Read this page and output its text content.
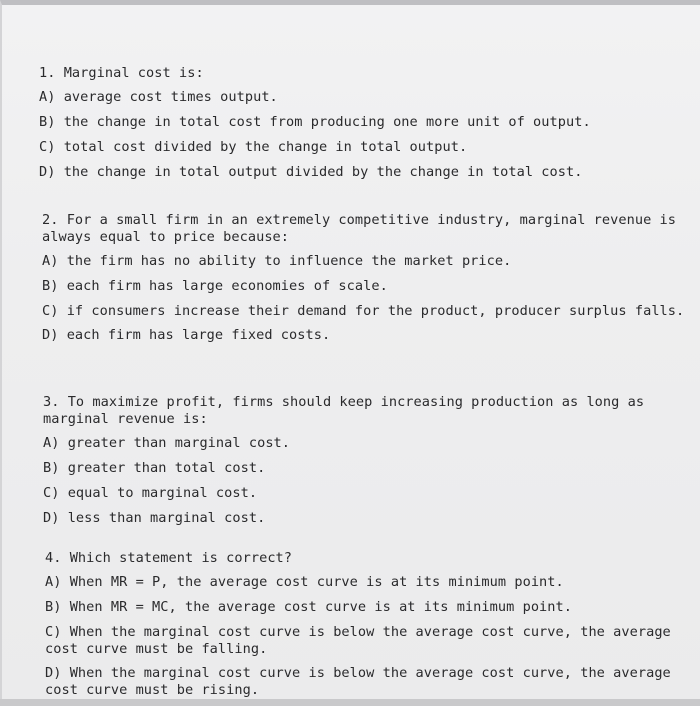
1. Marginal cost is:
A) average cost times output.
B) the change in total cost from producing one more unit of output.
C) total cost divided by the change in total output.
D) the change in total output divided by the change in total cost.
2. For a small firm in an extremely competitive industry, marginal revenue is always equal to price because:
A) the firm has no ability to influence the market price.
B) each firm has large economies of scale.
C) if consumers increase their demand for the product, producer surplus falls.
D) each firm has large fixed costs.
3. To maximize profit, firms should keep increasing production as long as marginal revenue is:
A) greater than marginal cost.
B) greater than total cost.
C) equal to marginal cost.
D) less than marginal cost.
4. Which statement is correct?
A) When MR = P, the average cost curve is at its minimum point.
B) When MR = MC, the average cost curve is at its minimum point.
C) When the marginal cost curve is below the average cost curve, the average cost curve must be falling.
D) When the marginal cost curve is below the average cost curve, the average cost curve must be rising.
